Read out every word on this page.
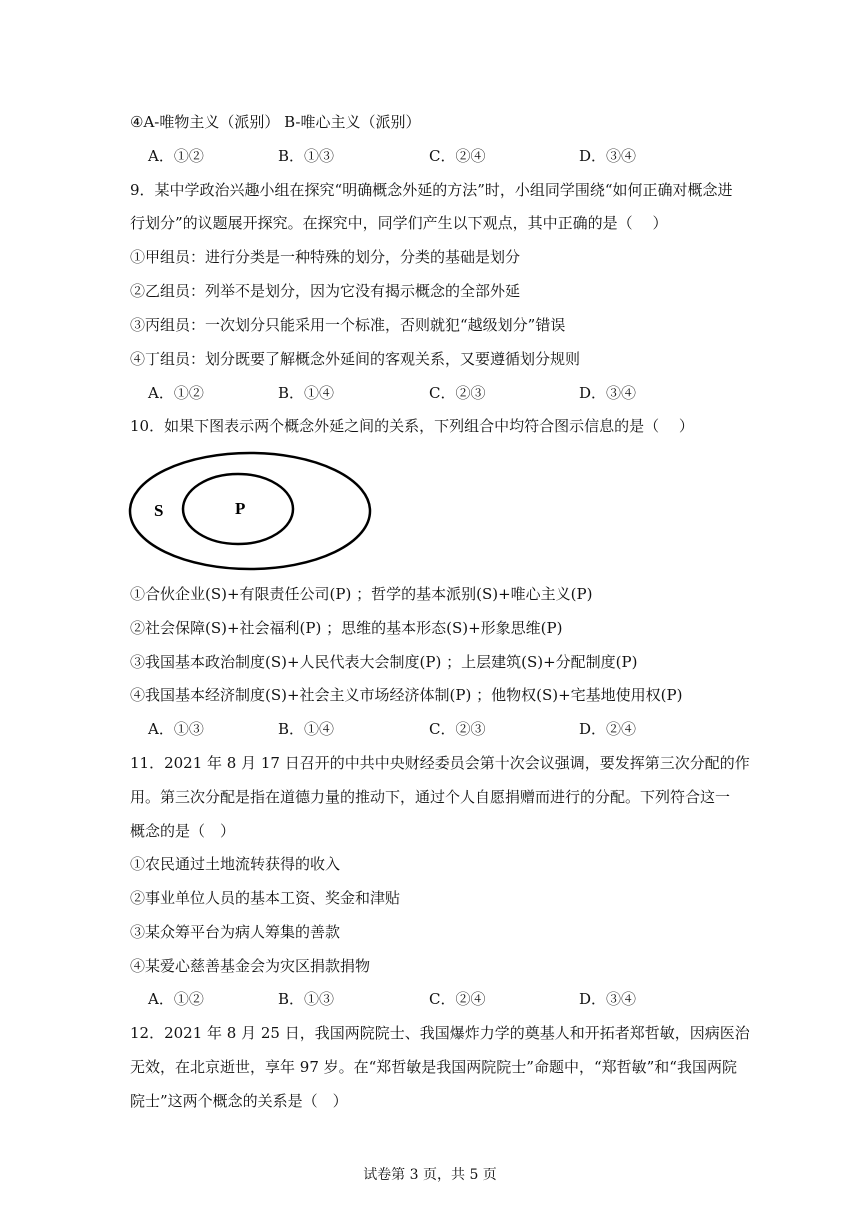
④A-唯物主义（派别） B-唯心主义（派别）
A．①②	B．①③	C．②④	D．③④
9．某中学政治兴趣小组在探究“明确概念外延的方法”时，小组同学围绕“如何正确对概念进
行划分”的议题展开探究。在探究中，同学们产生以下观点，其中正确的是（　 ）
①甲组员：进行分类是一种特殊的划分，分类的基础是划分
②乙组员：列举不是划分，因为它没有揭示概念的全部外延
③丙组员：一次划分只能采用一个标准，否则就犯“越级划分”错误
④丁组员：划分既要了解概念外延间的客观关系，又要遵循划分规则
A．①②	B．①④	C．②③	D．③④
10．如果下图表示两个概念外延之间的关系，下列组合中均符合图示信息的是（　 ）
S	P
①合伙企业(S)+有限责任公司(P) ；哲学的基本派别(S)+唯心主义(P)
②社会保障(S)+社会福利(P) ；思维的基本形态(S)+形象思维(P)
③我国基本政治制度(S)+人民代表大会制度(P) ；上层建筑(S)+分配制度(P)
④我国基本经济制度(S)+社会主义市场经济体制(P) ；他物权(S)+宅基地使用权(P)
A．①③	B．①④	C．②③	D．②④
11．2021 年 8 月 17 日召开的中共中央财经委员会第十次会议强调，要发挥第三次分配的作
用。第三次分配是指在道德力量的推动下，通过个人自愿捐赠而进行的分配。下列符合这一
概念的是（　）
①农民通过土地流转获得的收入
②事业单位人员的基本工资、奖金和津贴
③某众筹平台为病人筹集的善款
④某爱心慈善基金会为灾区捐款捐物
A．①②	B．①③	C．②④	D．③④
12．2021 年 8 月 25 日，我国两院院士、我国爆炸力学的奠基人和开拓者郑哲敏，因病医治
无效，在北京逝世，享年 97 岁。在“郑哲敏是我国两院院士”命题中，“郑哲敏”和“我国两院
院士”这两个概念的关系是（　）
试卷第 3 页，共 5 页
